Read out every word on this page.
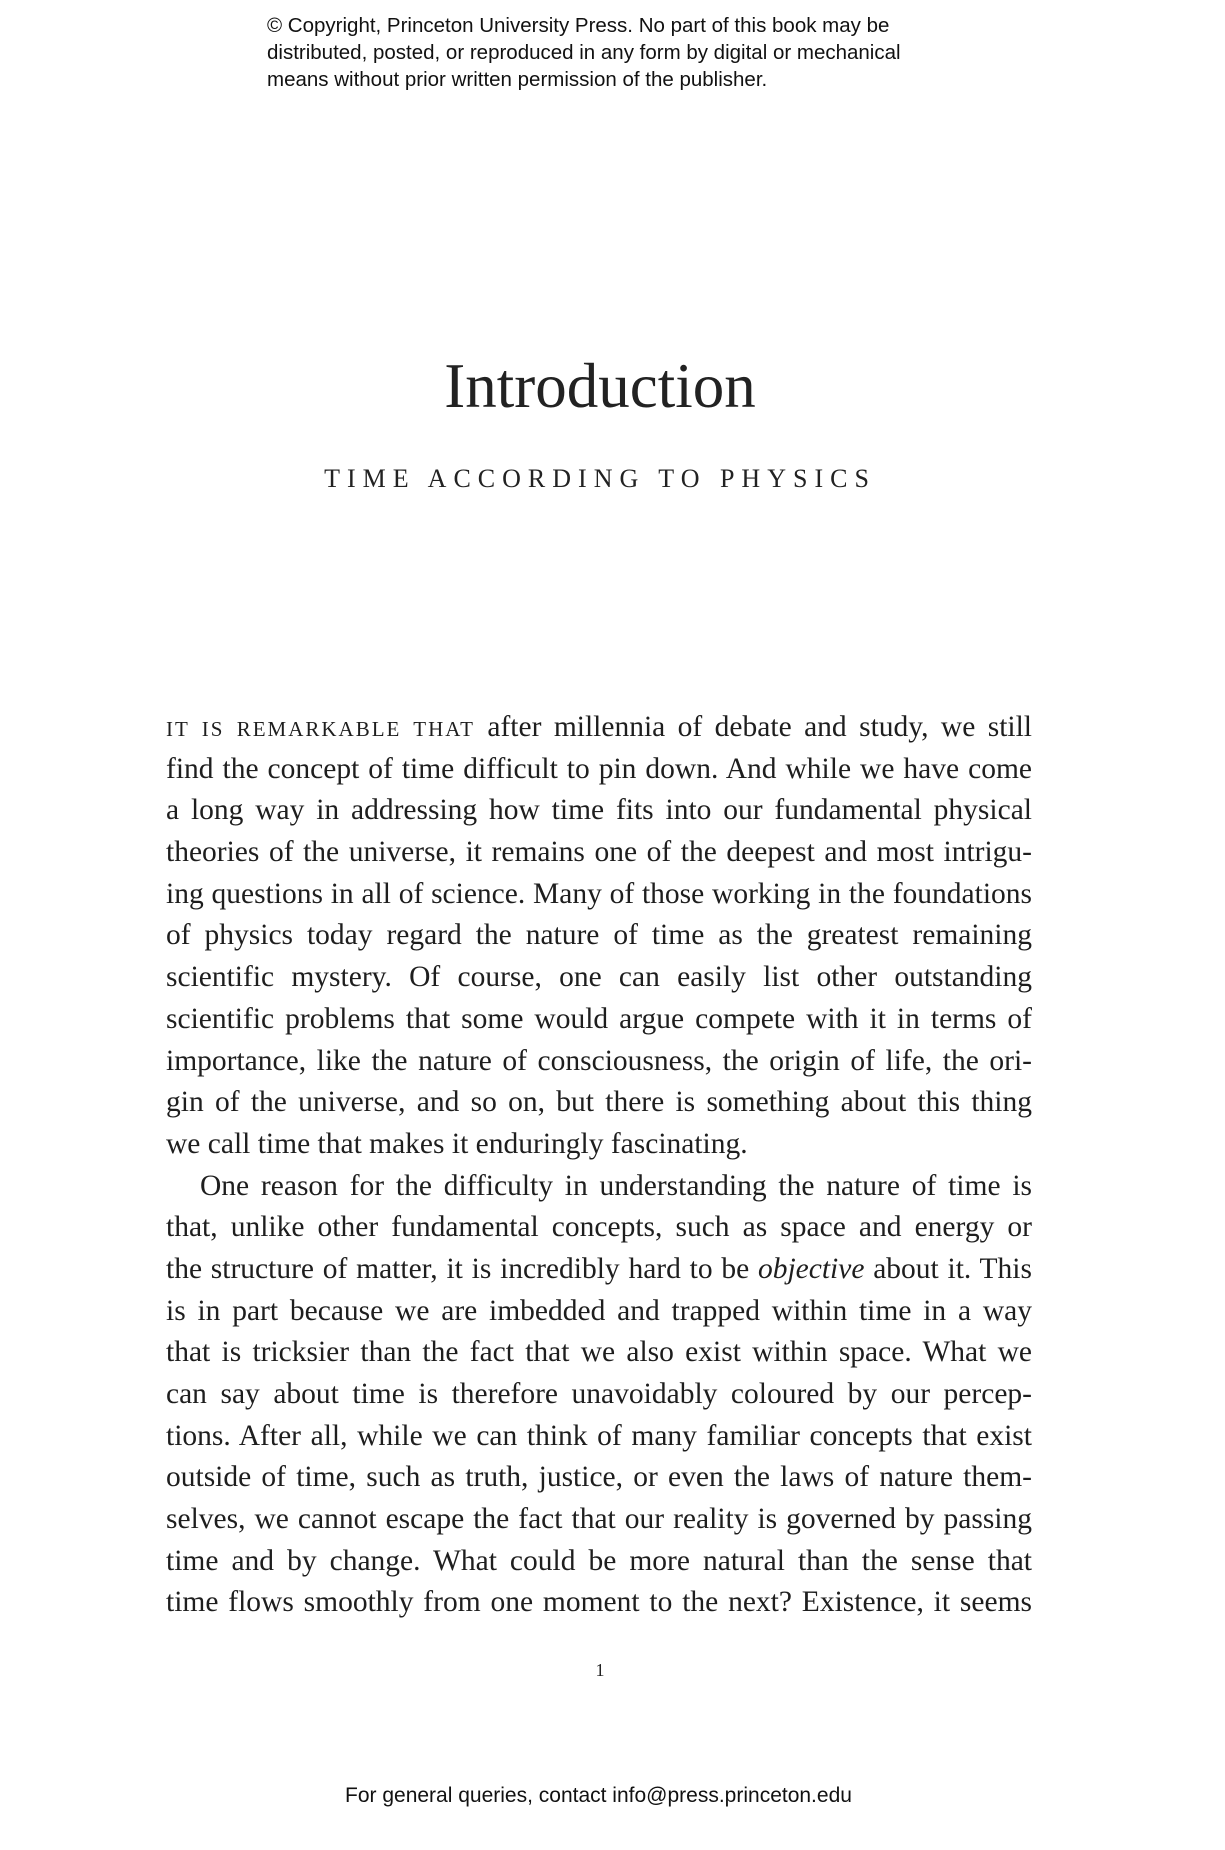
© Copyright, Princeton University Press. No part of this book may be
distributed, posted, or reproduced in any form by digital or mechanical
means without prior written permission of the publisher.
Introduction
TIME ACCORDING TO PHYSICS
IT IS REMARKABLE THAT after millennia of debate and study, we still
find the concept of time difficult to pin down. And while we have come
a long way in addressing how time fits into our fundamental physical
theories of the universe, it remains one of the deepest and most intrigu-
ing questions in all of science. Many of those working in the foundations
of physics today regard the nature of time as the greatest remaining
scientific mystery. Of course, one can easily list other outstanding
scientific problems that some would argue compete with it in terms of
importance, like the nature of consciousness, the origin of life, the ori-
gin of the universe, and so on, but there is something about this thing
we call time that makes it enduringly fascinating.
One reason for the difficulty in understanding the nature of time is
that, unlike other fundamental concepts, such as space and energy or
the structure of matter, it is incredibly hard to be objective about it. This
is in part because we are imbedded and trapped within time in a way
that is tricksier than the fact that we also exist within space. What we
can say about time is therefore unavoidably coloured by our percep-
tions. After all, while we can think of many familiar concepts that exist
outside of time, such as truth, justice, or even the laws of nature them-
selves, we cannot escape the fact that our reality is governed by passing
time and by change. What could be more natural than the sense that
time flows smoothly from one moment to the next? Existence, it seems
1
For general queries, contact info@press.princeton.edu
